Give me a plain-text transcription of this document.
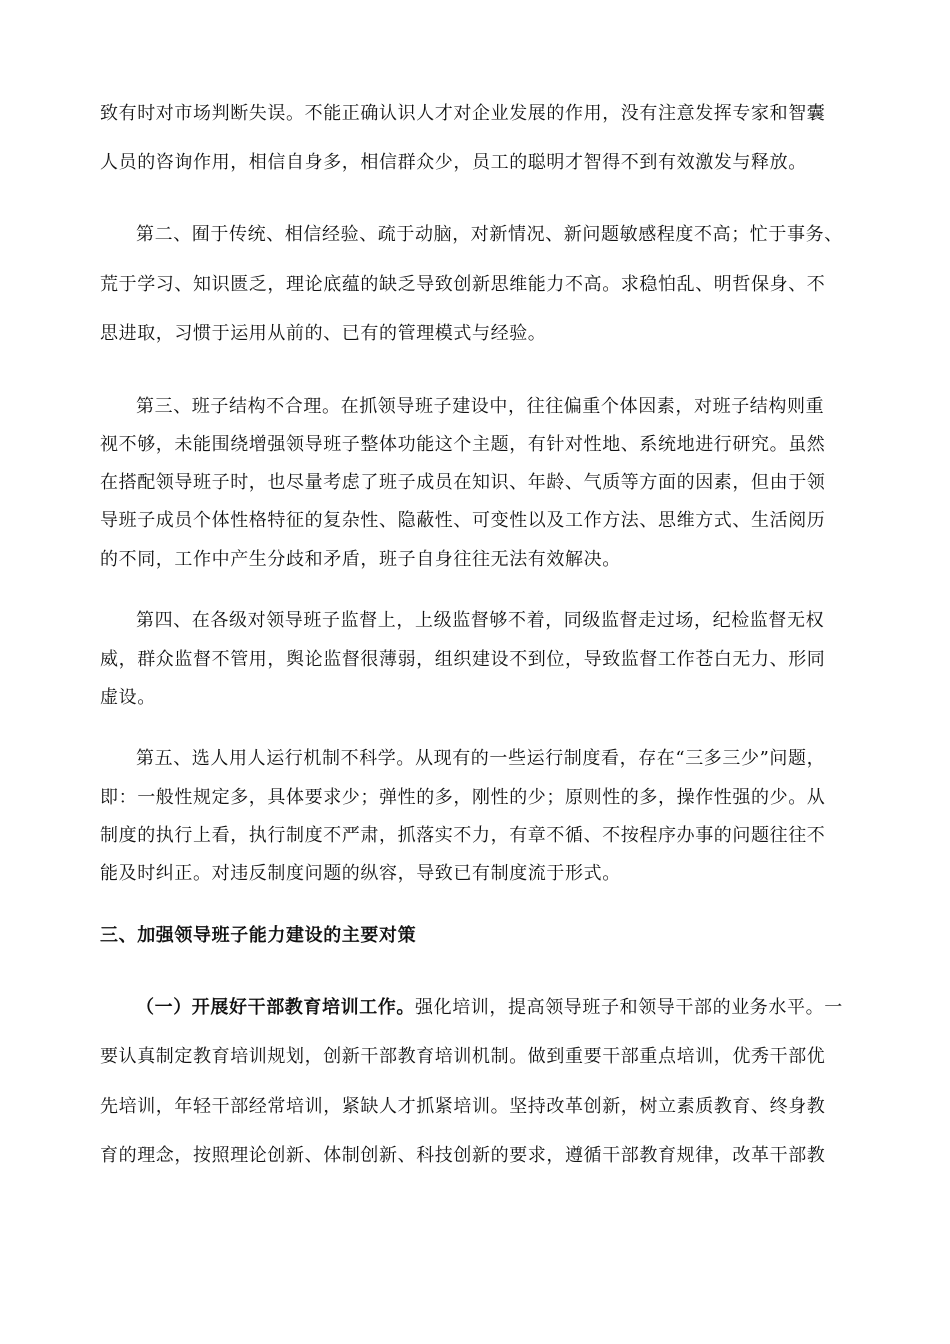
致有时对市场判断失误。不能正确认识人才对企业发展的作用，没有注意发挥专家和智囊
人员的咨询作用，相信自身多，相信群众少，员工的聪明才智得不到有效激发与释放。
第二、囿于传统、相信经验、疏于动脑，对新情况、新问题敏感程度不高；忙于事务、
荒于学习、知识匮乏，理论底蕴的缺乏导致创新思维能力不高。求稳怕乱、明哲保身、不
思进取，习惯于运用从前的、已有的管理模式与经验。
第三、班子结构不合理。在抓领导班子建设中，往往偏重个体因素，对班子结构则重
视不够，未能围绕增强领导班子整体功能这个主题，有针对性地、系统地进行研究。虽然
在搭配领导班子时，也尽量考虑了班子成员在知识、年龄、气质等方面的因素，但由于领
导班子成员个体性格特征的复杂性、隐蔽性、可变性以及工作方法、思维方式、生活阅历
的不同，工作中产生分歧和矛盾，班子自身往往无法有效解决。
第四、在各级对领导班子监督上，上级监督够不着，同级监督走过场，纪检监督无权
威，群众监督不管用，舆论监督很薄弱，组织建设不到位，导致监督工作苍白无力、形同
虚设。
第五、选人用人运行机制不科学。从现有的一些运行制度看，存在“三多三少”问题，
即：一般性规定多，具体要求少；弹性的多，刚性的少；原则性的多，操作性强的少。从
制度的执行上看，执行制度不严肃，抓落实不力，有章不循、不按程序办事的问题往往不
能及时纠正。对违反制度问题的纵容，导致已有制度流于形式。
三、加强领导班子能力建设的主要对策
（一）开展好干部教育培训工作。强化培训，提高领导班子和领导干部的业务水平。一
要认真制定教育培训规划，创新干部教育培训机制。做到重要干部重点培训，优秀干部优
先培训，年轻干部经常培训，紧缺人才抓紧培训。坚持改革创新，树立素质教育、终身教
育的理念，按照理论创新、体制创新、科技创新的要求，遵循干部教育规律，改革干部教
